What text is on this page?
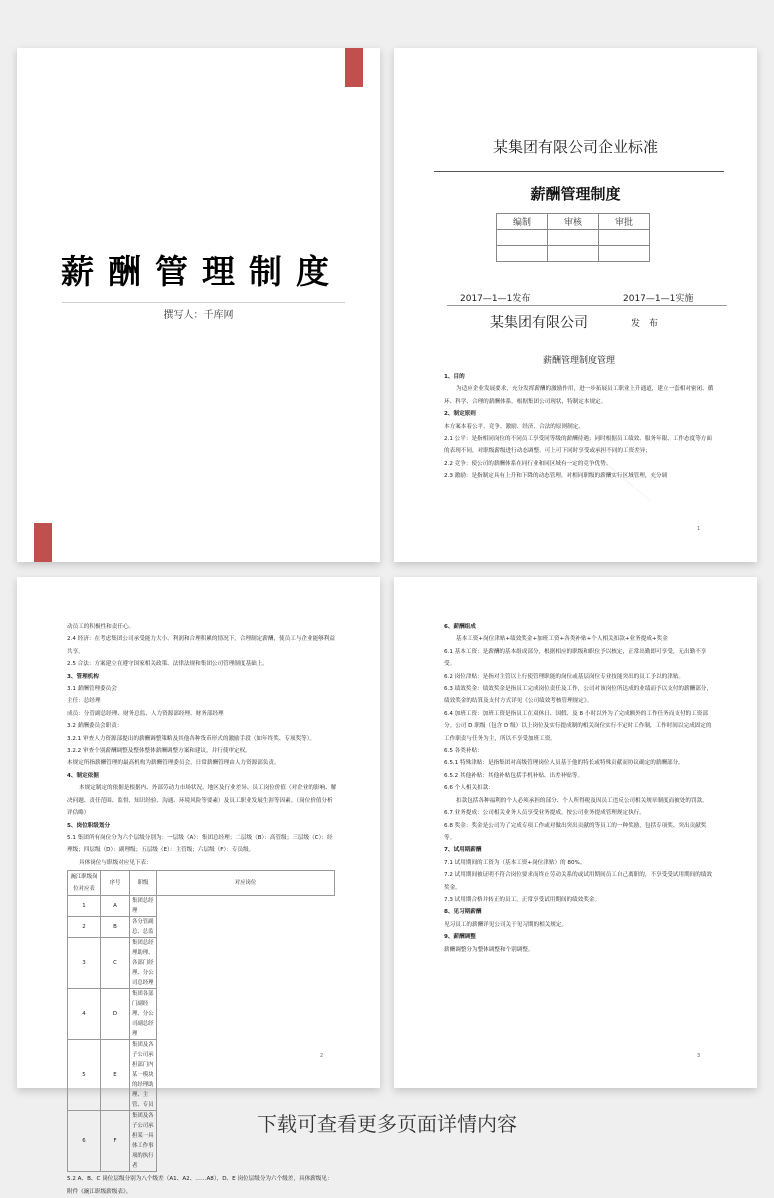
薪酬管理制度
撰写人：千库网
某集团有限公司企业标准
薪酬管理制度
编制	审核	审批

2017—1—1发布	2017—1—1实施
某集团有限公司	发 布
薪酬管理制度管理

1、目的

为适应企业发展要求，充分发挥薪酬的激励作用，进一步拓展员工职业上升通道，建立一套相对密闭、循环、科学、合理的薪酬体系，根据集团公司现状，特制定本规定。

2、制定原则

本方案本着公平、竞争、激励、经济、合法的原则制定。

2.1 公平：是指相同岗位的不同员工享受同等级的薪酬待遇；同时根据员工绩效、服务年限、工作态度等方面的表现不同，对职级薪级进行动态调整，可上可下同时享受或承担不同的工资差异；

2.2 竞争：使公司的薪酬体系在同行业和同区域有一定的竞争优势。

2.3 激励：是指制定具有上升和下降的动态管理，对相同职级的薪酬实行区域管理，充分调

1

动员工的积极性和责任心。

2.4 经济：在考虑集团公司承受能力大小、利润和合理积累的情况下，合理制定薪酬，使员工与企业能够利益共享。

2.5 合法：方案建立在遵守国家相关政策、法律法规和集团公司管理制度基础上。

3、管理机构

3.1 薪酬管理委员会

主任：总经理

成员：分管副总经理、财务总监、人力资源部经理、财务部经理

3.2 薪酬委员会职责：

3.2.1 审查人力资源部提出的薪酬调整策略及其他各种货币形式的激励手段（如年终奖、专项奖等）。

3.2.2 审查个别薪酬调整及整体整体薪酬调整方案和建议，并行使审定权。

本规定所指薪酬管理的最高机构为薪酬管理委员会，日常薪酬管理由人力资源部负责。

4、制定依据

本规定制定的依据是根据内、外部劳动力市场状况、地区及行业差异、员工岗位价值（对企业的影响、解决问题、责任范围、监督、知识经验、沟通、环境风险等要素）及员工职业发展生涯等因素。（岗位价值分析评估略）

5、岗位职级划分

5.1 集团所有岗位分为六个层级分别为：一层级（A）：集团总经理；二层级（B）：高管级；三层级（C）：经理级；四层级（D）：副理级；五层级（E）：主管级；六层级（F）：专员级。

具体岗位与职级对应见下表：

豌江职级岗位对应表	序号	职级	对应岗位
1	A	集团总经理	
2	B	各分管副总、总监	
3	C	集团总经理助理、各部门经理、分公司总经理	
4	D	集团各部门副经理、分公司副总经理	
5	E	集团及各子公司承担部门内某一模块的经理助理、主管、专员	
6	F	集团及各子公司承担某一具体工作事项的执行者	

5.2 A、B、C 岗位层级分别为八个级差（A1、A2、……A8），D、E 岗位层级分为六个级差，具体薪级见：附件《豌江职级薪级表》。

2

6、薪酬组成

基本工资+岗位津贴+绩效奖金+加班工资+各类补贴+个人相关扣款+业务提成+奖金

6.1 基本工资：是薪酬的基本组成部分，根据相应的职级和职位予以核定，正常出勤即可享受，无出勤不享受。

6.2 岗位津贴：是指对主管以上行使管理职能的岗位或基层岗位专业技能突出的员工予以的津贴。

6.3 绩效奖金：绩效奖金是指员工完成岗位责任及工作，公司对该岗位所达成的业绩而予以支付的薪酬部分，绩效奖金的结算及支付方式详见《公司绩效考核管理规定》。

6.4 加班工资：加班工资是指员工在双休日、国假、及 8 小时以外为了完成额外的工作任务而支付的工资部分。公司 D 职级（包含 D 级）以上岗位及实行提成制的相关岗位实行不定时工作制，工作时间以完成固定的工作职责与任务为主，所以不享受加班工资。

6.5 各类补贴：

6.5.1 特殊津贴：是指集团对高级管理岗位人员基于他的特长或特殊贡献而协议确定的薪酬部分。

6.5.2 其他补贴：其他补贴包括手机补贴、出差补贴等。

6.6 个人相关扣款：

扣款包括各种福利的个人必须承担的部分、个人所得税及因员工违反公司相关规章制度而被处的罚款。

6.7 业务提成：公司相关业务人员享受业务提成，按公司业务提成管理规定执行。

6.8 奖金：奖金是公司为了完成专项工作或对做出突出贡献的等员工的一种奖励，包括专项奖、突出贡献奖等。

7、试用期薪酬

7.1 试用期间的工资为（基本工资+岗位津贴）的 80%。

7.2 试用期间被证明不符合岗位要求而终止劳动关系的或试用期间员工自己离职的，不享受受试用期间的绩效奖金。

7.3 试用期合格并转正的员工，正常享受试用期间的绩效奖金。

8、见习期薪酬

见习员工的薪酬详见公司关于见习期的相关规定。

9、薪酬调整

薪酬调整分为整体调整和个别调整。

3
下载可查看更多页面详情内容
